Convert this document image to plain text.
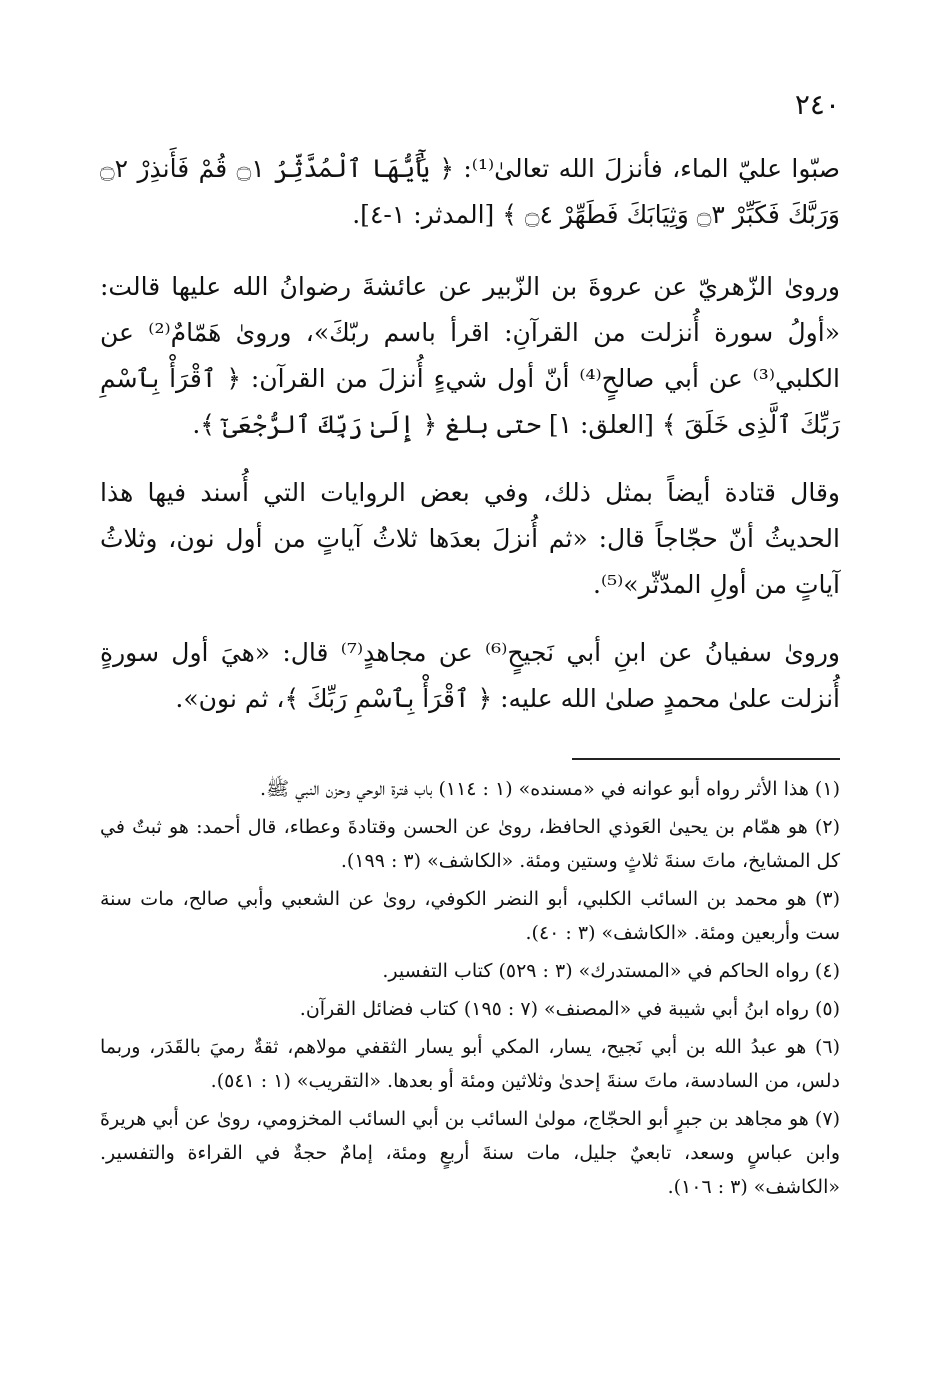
٢٤٠

صبّوا عليّ الماء، فأنزلَ الله تعالىٰ⁽¹⁾: ﴿ يَٰٓأَيُّهَا ٱلْمُدَّثِّرُ ۝١ قُمْ فَأَنذِرْ ۝٢ وَرَبَّكَ فَكَبِّرْ ۝٣ وَثِيَابَكَ فَطَهِّرْ ۝٤ ﴾ [المدثر: ١-٤].

وروىٰ الزّهريّ عن عروةَ بن الزّبير عن عائشةَ رضوانُ الله عليها قالت: «أولُ سورة أُنزلت من القرآنِ: اقرأ باسم ربّكَ»، وروىٰ هَمّامٌ⁽²⁾ عن الكلبي⁽³⁾ عن أبي صالحٍ⁽⁴⁾ أنّ أول شيءٍ أُنزلَ من القرآن: ﴿ ٱقْرَأْ بِٱسْمِ رَبِّكَ ٱلَّذِى خَلَقَ ﴾ [العلق: ١] حتى بلغ ﴿ إِلَىٰ رَبِّكَ ٱلرُّجْعَىٰٓ ﴾.

وقال قتادة أيضاً بمثل ذلك، وفي بعض الروايات التي أُسند فيها هذا الحديثُ أنّ حجّاجاً قال: «ثم أُنزلَ بعدَها ثلاثُ آياتٍ من أول نون، وثلاثُ آياتٍ من أولِ المدّثّر»⁽⁵⁾.

وروىٰ سفيانُ عن ابنِ أبي نَجيحٍ⁽⁶⁾ عن مجاهدٍ⁽⁷⁾ قال: «هيَ أول سورةٍ أُنزلت علىٰ محمدٍ صلىٰ الله عليه: ﴿ ٱقْرَأْ بِٱسْمِ رَبِّكَ ﴾، ثم نون».

(١) هذا الأثر رواه أبو عوانه في «مسنده» (١ : ١١٤) باب فترة الوحي وحزن النبي ﷺ.

(٢) هو همّام بن يحيىٰ العَوذي الحافظ، روىٰ عن الحسن وقتادةَ وعطاء، قال أحمد: هو ثبتٌ في كل المشايخ، ماتَ سنةَ ثلاثٍ وستين ومئة. «الكاشف» (٣ : ١٩٩).

(٣) هو محمد بن السائب الكلبي، أبو النضر الكوفي، روىٰ عن الشعبي وأبي صالح، مات سنة ست وأربعين ومئة. «الكاشف» (٣ : ٤٠).

(٤) رواه الحاكم في «المستدرك» (٣ : ٥٢٩) كتاب التفسير.

(٥) رواه ابنُ أبي شيبة في «المصنف» (٧ : ١٩٥) كتاب فضائل القرآن.

(٦) هو عبدُ الله بن أبي نَجيح، يسار، المكي أبو يسار الثقفي مولاهم، ثقةٌ رميَ بالقَدَر، وربما دلس، من السادسة، ماتَ سنةَ إحدىٰ وثلاثين ومئة أو بعدها. «التقريب» (١ : ٥٤١).

(٧) هو مجاهد بن جبرٍ أبو الحجّاج، مولىٰ السائب بن أبي السائب المخزومي، روىٰ عن أبي هريرةَ وابن عباسٍ وسعد، تابعيٌ جليل، مات سنةَ أربعٍ ومئة، إمامٌ حجةٌ في القراءة والتفسير. «الكاشف» (٣ : ١٠٦).
